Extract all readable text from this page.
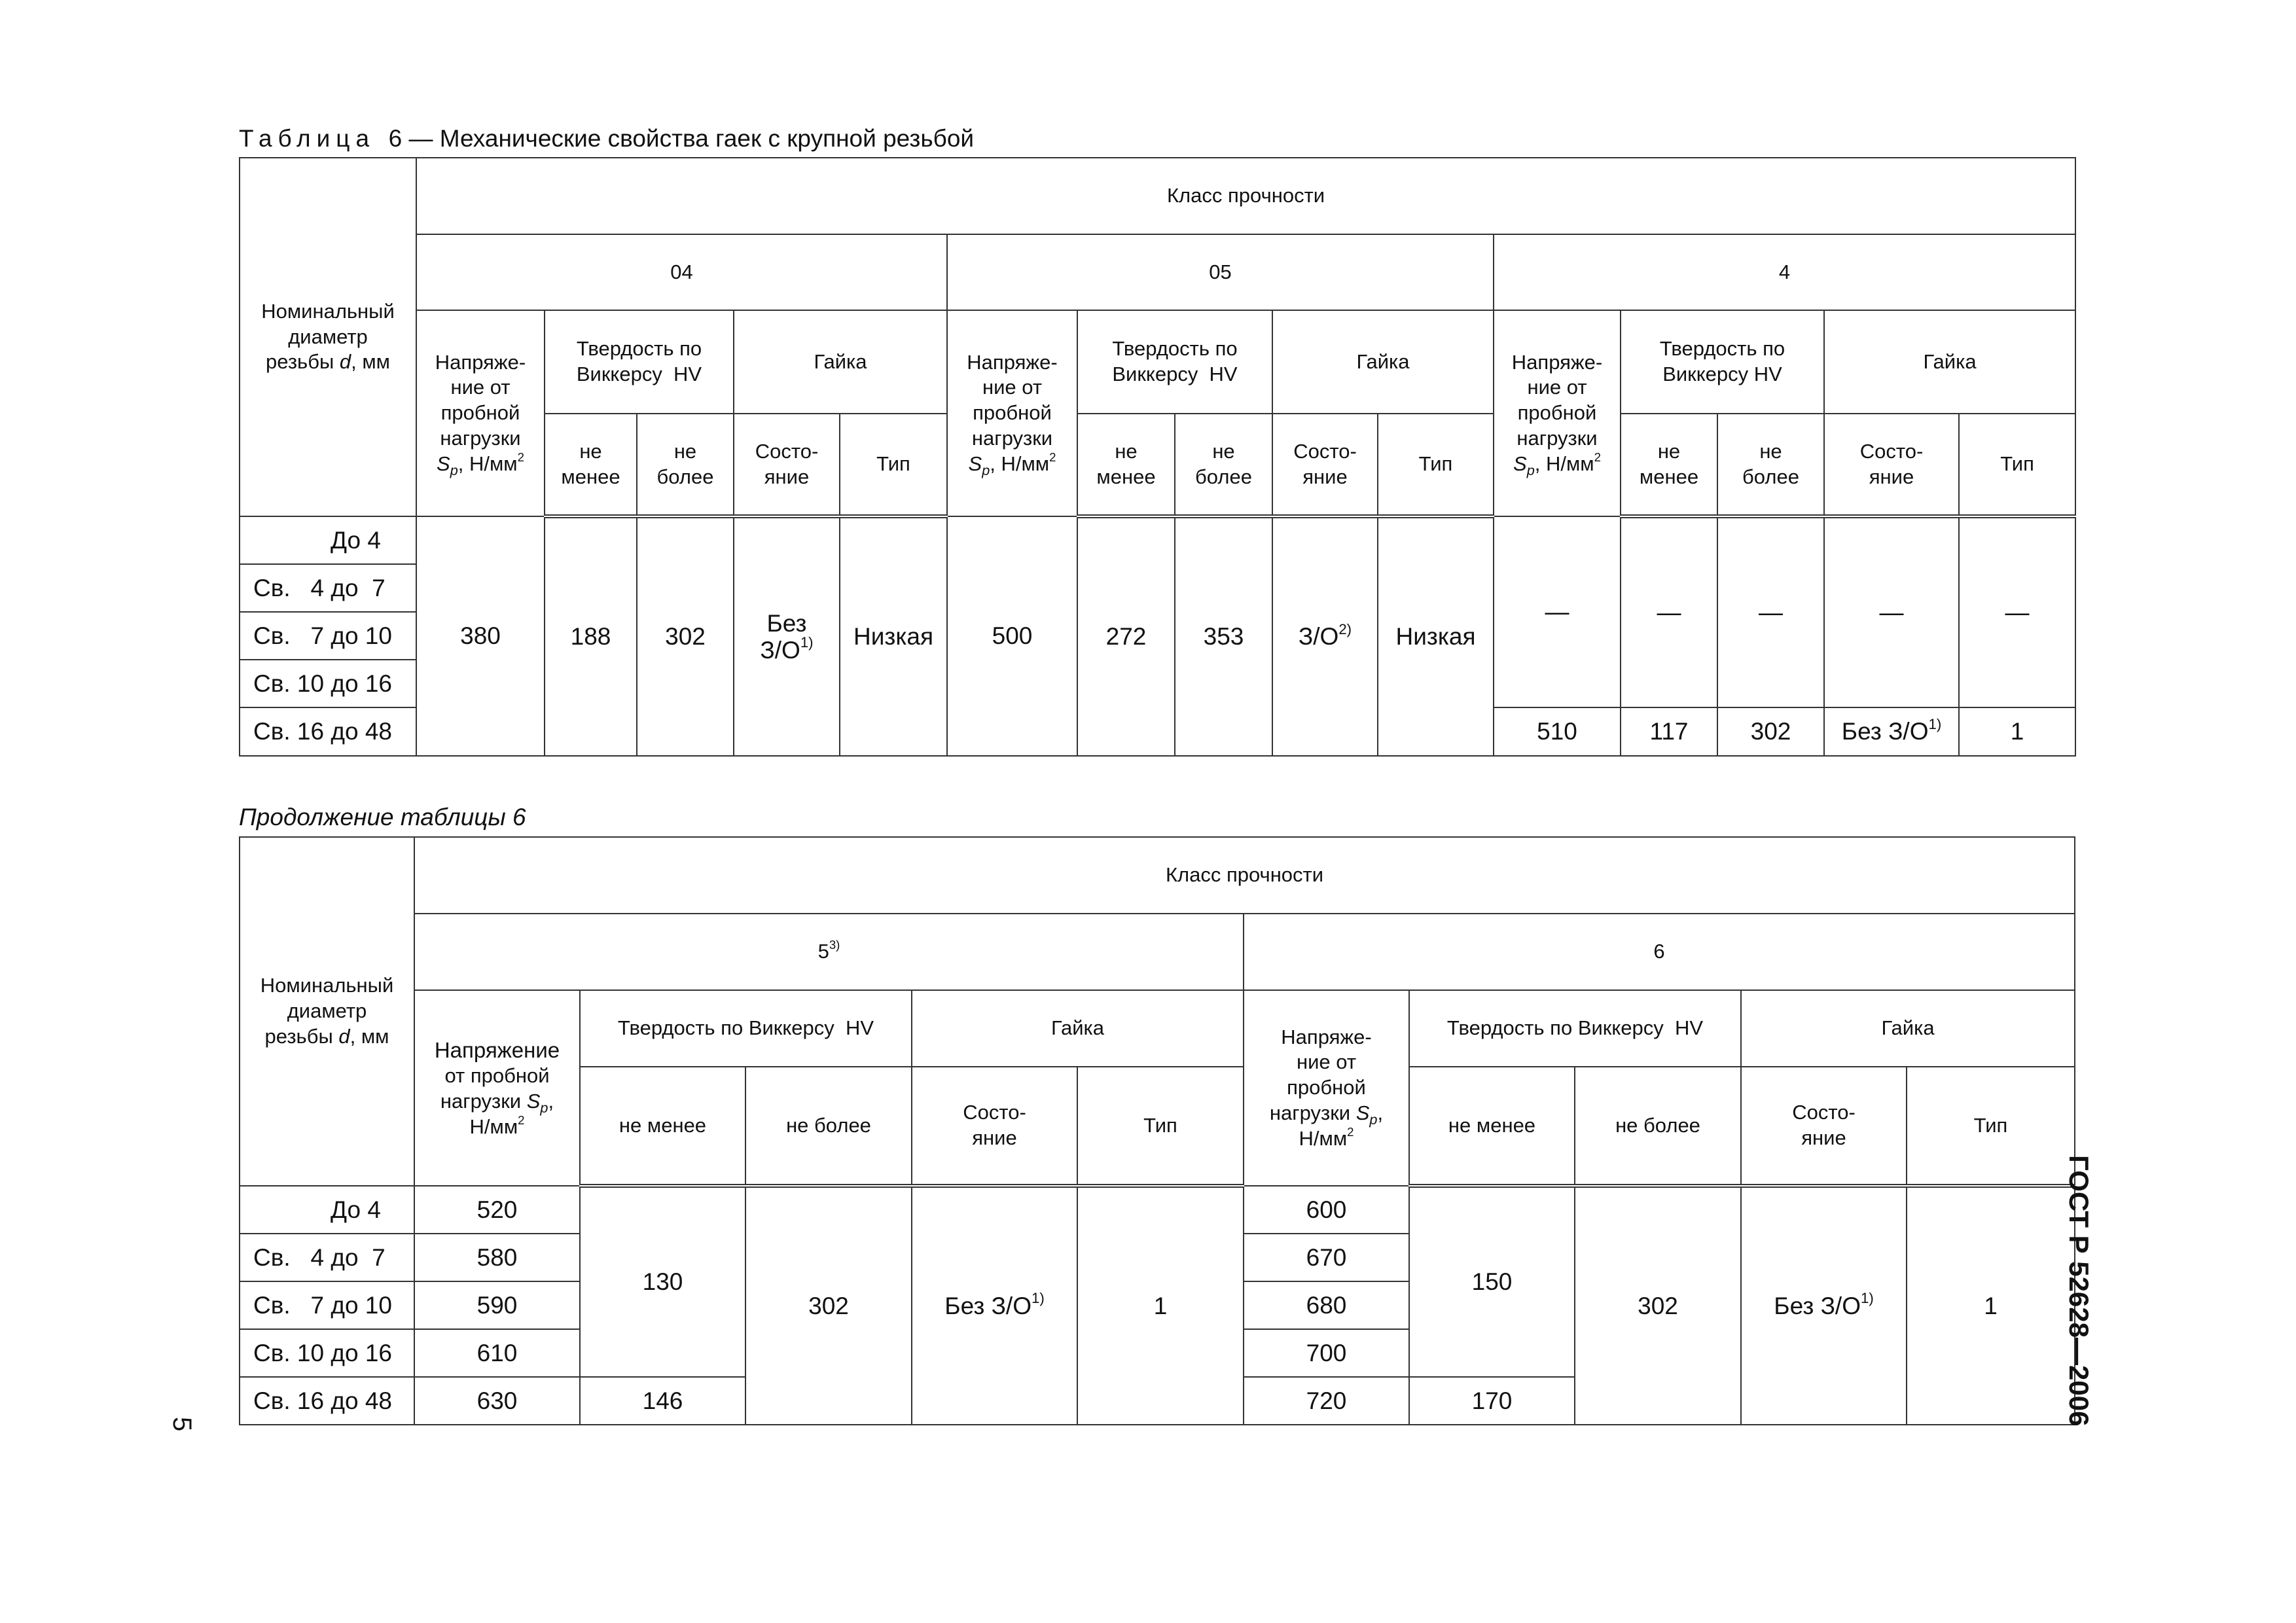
Таблица 6 — Механические свойства гаек с крупной резьбой
Номинальный
диаметр
резьбы d, мм	Класс прочности														
	04					05					4				
	Напряже-
ние от
пробной
нагрузки
$S_p$, $Н/мм^2$	Твердость по
Виккерсу  HV		Гайка		Напряже-
ние от
пробной
нагрузки
$S_p$, $Н/мм^2$	Твердость по
Виккерсу  HV		Гайка		Напряже-
ние от
пробной
нагрузки
$S_p$, $Н/мм^2$	Твердость по
Виккерсу HV		Гайка	
		не
менее	не
более	Состо-
яние	Тип		не
менее	не
более	Состо-
яние	Тип		не
менее	не
более	Состо-
яние	Тип
До 4	380	188	302	Без
$З/О^{1)}$	Низкая	500	272	353	$З/О^{2)}$	Низкая	—	—	—	—	—
Св.   4 до  7															
Св.   7 до 10															
Св. 10 до 16															
Св. 16 до 48											510	117	302	Без $З/О^{1)}$	1
Продолжение таблицы 6
Номинальный
диаметр
резьбы d, мм	Класс прочности									
	5$^{3)}$					6				
	Напряжение
от пробной
нагрузки $S_p$,
$Н/мм^2$	Твердость по Виккерсу  HV		Гайка		Напряже-
ние от
пробной
нагрузки $S_p$,
$Н/мм^2$	Твердость по Виккерсу  HV		Гайка	
		не менее	не более	Состо-
яние	Тип		не менее	не более	Состо-
яние	Тип
До 4	520	130	302	Без $З/О^{1)}$	1	600	150	302	Без $З/О^{1)}$	1
Св.   4 до  7	580					670				
Св.   7 до 10	590					680				
Св. 10 до 16	610					700				
Св. 16 до 48	630	146				720	170				ГОСТ Р 52628—2006
5
